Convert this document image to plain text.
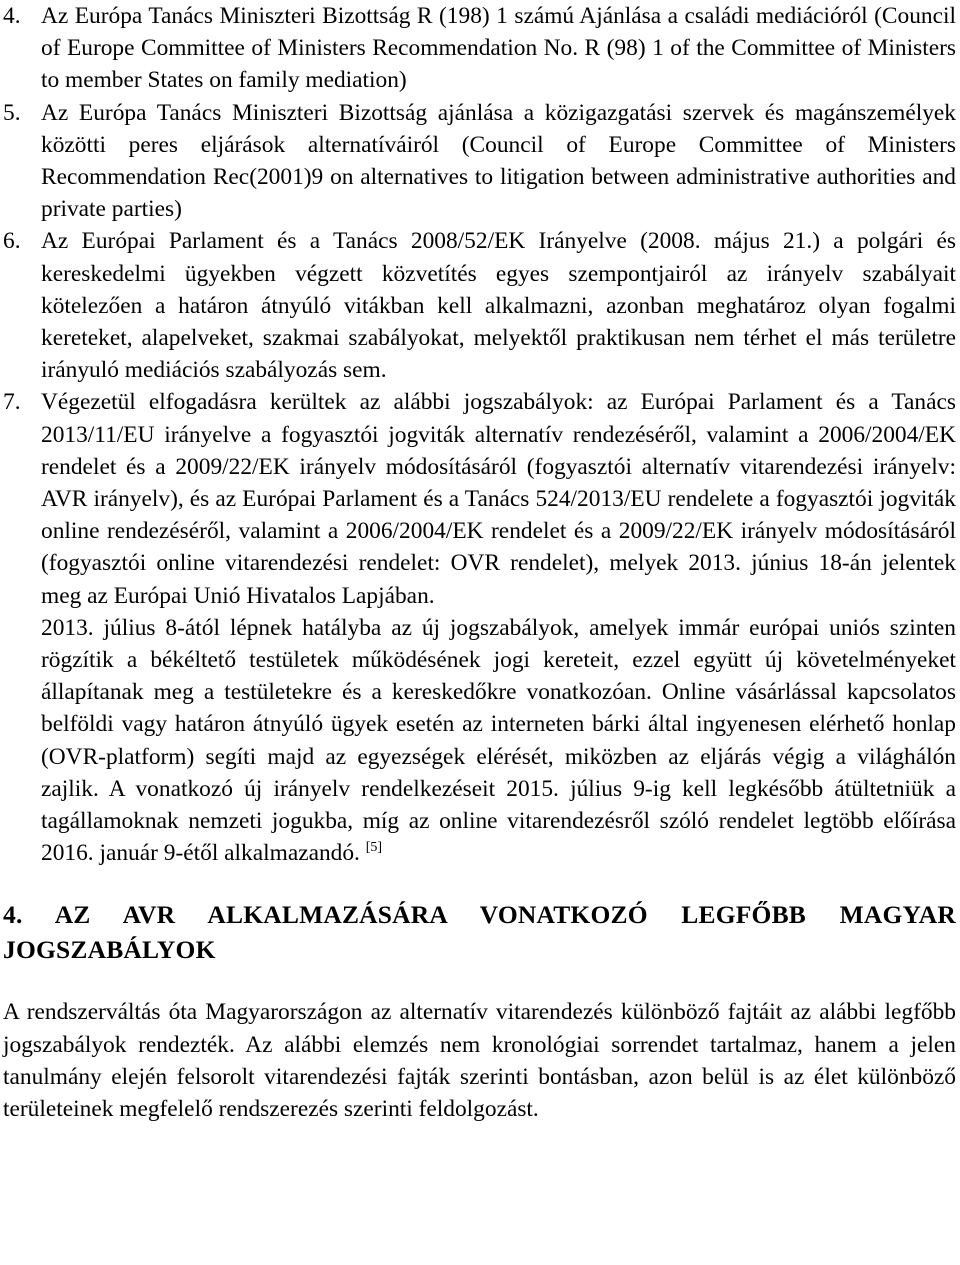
4. Az Európa Tanács Miniszteri Bizottság R (198) 1 számú Ajánlása a családi mediációról (Council of Europe Committee of Ministers Recommendation No. R (98) 1 of the Committee of Ministers to member States on family mediation)

5. Az Európa Tanács Miniszteri Bizottság ajánlása a közigazgatási szervek és magánszemélyek közötti peres eljárások alternatíváiról (Council of Europe Committee of Ministers Recommendation Rec(2001)9 on alternatives to litigation between administrative authorities and private parties)

6. Az Európai Parlament és a Tanács 2008/52/EK Irányelve (2008. május 21.) a polgári és kereskedelmi ügyekben végzett közvetítés egyes szempontjairól az irányelv szabályait kötelezően a határon átnyúló vitákban kell alkalmazni, azonban meghatároz olyan fogalmi kereteket, alapelveket, szakmai szabályokat, melyektől praktikusan nem térhet el más területre irányuló mediációs szabályozás sem.

7. Végezetül elfogadásra kerültek az alábbi jogszabályok: az Európai Parlament és a Tanács 2013/11/EU irányelve a fogyasztói jogviták alternatív rendezéséről, valamint a 2006/2004/EK rendelet és a 2009/22/EK irányelv módosításáról (fogyasztói alternatív vitarendezési irányelv: AVR irányelv), és az Európai Parlament és a Tanács 524/2013/EU rendelete a fogyasztói jogviták online rendezéséről, valamint a 2006/2004/EK rendelet és a 2009/22/EK irányelv módosításáról (fogyasztói online vitarendezési rendelet: OVR rendelet), melyek 2013. június 18-án jelentek meg az Európai Unió Hivatalos Lapjában.

2013. július 8-ától lépnek hatályba az új jogszabályok, amelyek immár európai uniós szinten rögzítik a békéltető testületek működésének jogi kereteit, ezzel együtt új követelményeket állapítanak meg a testületekre és a kereskedőkre vonatkozóan. Online vásárlással kapcsolatos belföldi vagy határon átnyúló ügyek esetén az interneten bárki által ingyenesen elérhető honlap (OVR-platform) segíti majd az egyezségek elérését, miközben az eljárás végig a világhálón zajlik. A vonatkozó új irányelv rendelkezéseit 2015. július 9-ig kell legkésőbb átültetniük a tagállamoknak nemzeti jogukba, míg az online vitarendezésről szóló rendelet legtöbb előírása 2016. január 9-étől alkalmazandó. [5]

4. AZ AVR ALKALMAZÁSÁRA VONATKOZÓ LEGFŐBB MAGYAR JOGSZABÁLYOK

A rendszerváltás óta Magyarországon az alternatív vitarendezés különböző fajtáit az alábbi legfőbb jogszabályok rendezték. Az alábbi elemzés nem kronológiai sorrendet tartalmaz, hanem a jelen tanulmány elején felsorolt vitarendezési fajták szerinti bontásban, azon belül is az élet különböző területeinek megfelelő rendszerezés szerinti feldolgozást.
